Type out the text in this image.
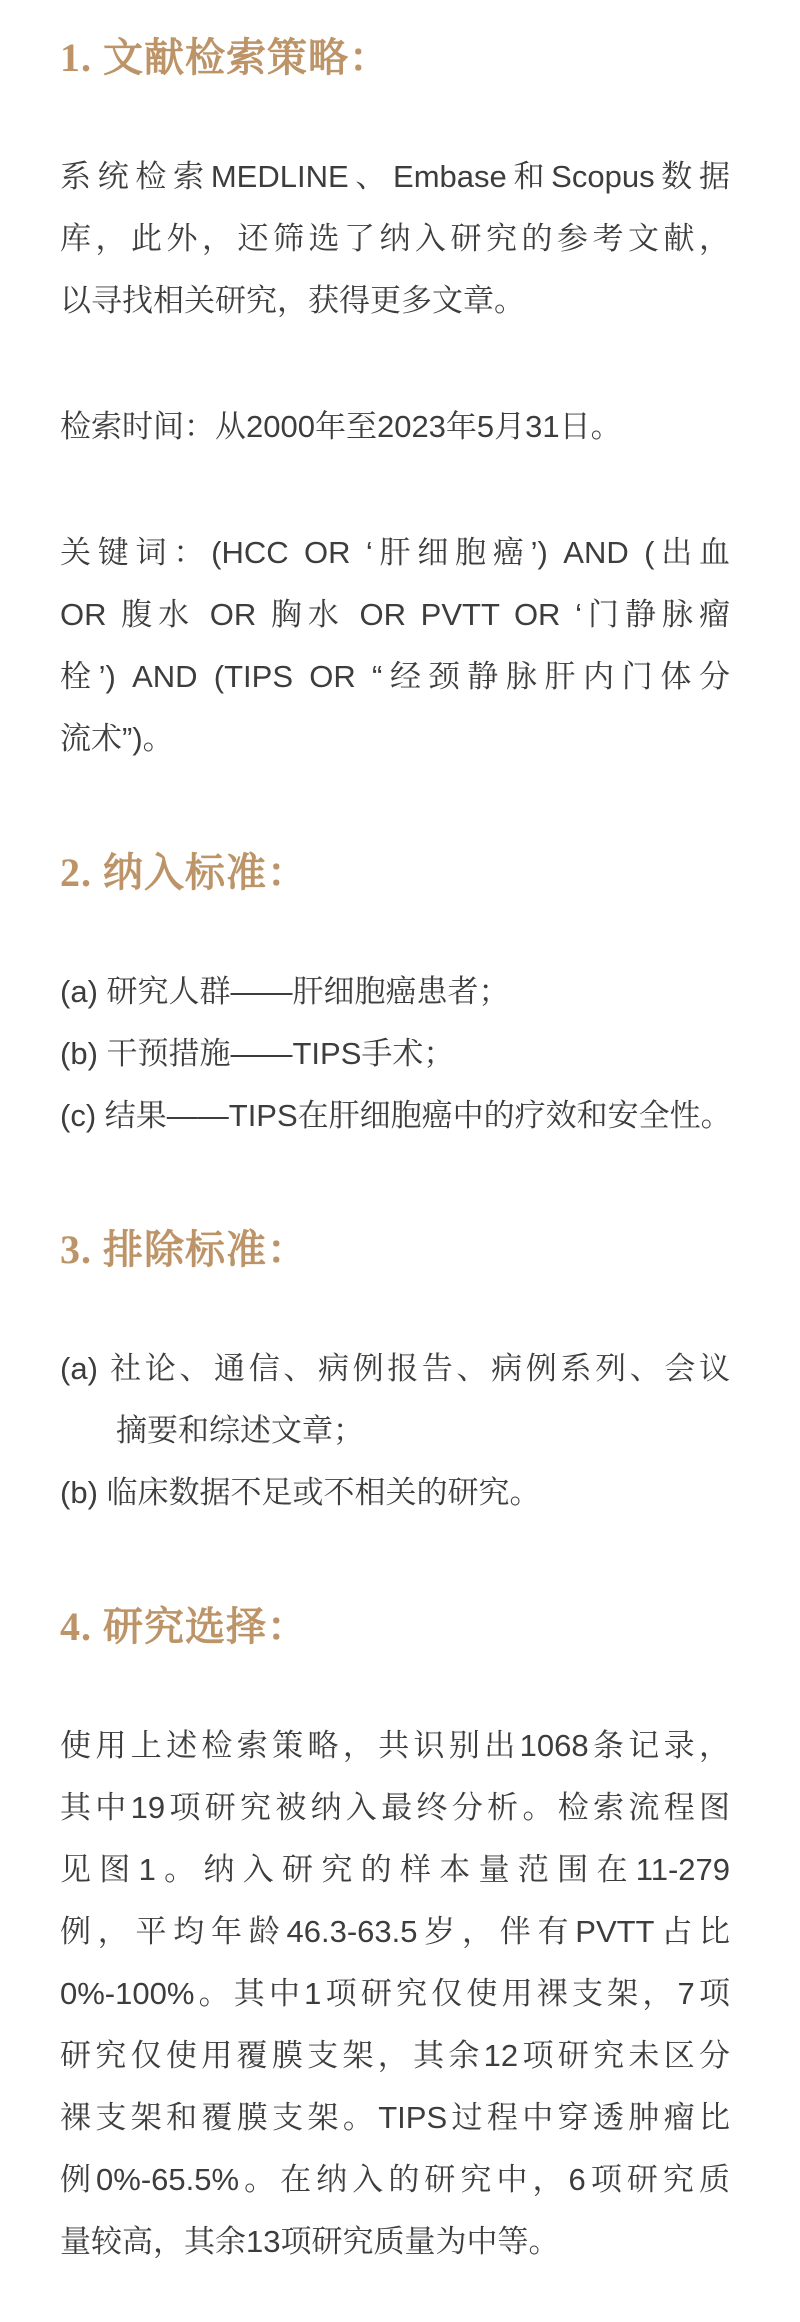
1. 文献检索策略：
系统检索MEDLINE、Embase和Scopus数据
库，此外，还筛选了纳入研究的参考文献，
以寻找相关研究，获得更多文章。
检索时间：从2000年至2023年5月31日。
关键词：(HCC OR ‘肝细胞癌’) AND (出血
OR 腹水 OR 胸水 OR PVTT OR ‘门静脉瘤
栓’) AND (TIPS OR “经颈静脉肝内门体分
流术”)。
2. 纳入标准：
(a) 研究人群——肝细胞癌患者；
(b) 干预措施——TIPS手术；
(c) 结果——TIPS在肝细胞癌中的疗效和安全性。
3. 排除标准：
(a) 社论、通信、病例报告、病例系列、会议
摘要和综述文章；
(b) 临床数据不足或不相关的研究。
4. 研究选择：
使用上述检索策略，共识别出1068条记录，
其中19项研究被纳入最终分析。检索流程图
见图1。纳入研究的样本量范围在11-279
例，平均年龄46.3-63.5岁，伴有PVTT占比
0%-100%。其中1项研究仅使用裸支架，7项
研究仅使用覆膜支架，其余12项研究未区分
裸支架和覆膜支架。TIPS过程中穿透肿瘤比
例0%-65.5%。在纳入的研究中，6项研究质
量较高，其余13项研究质量为中等。
